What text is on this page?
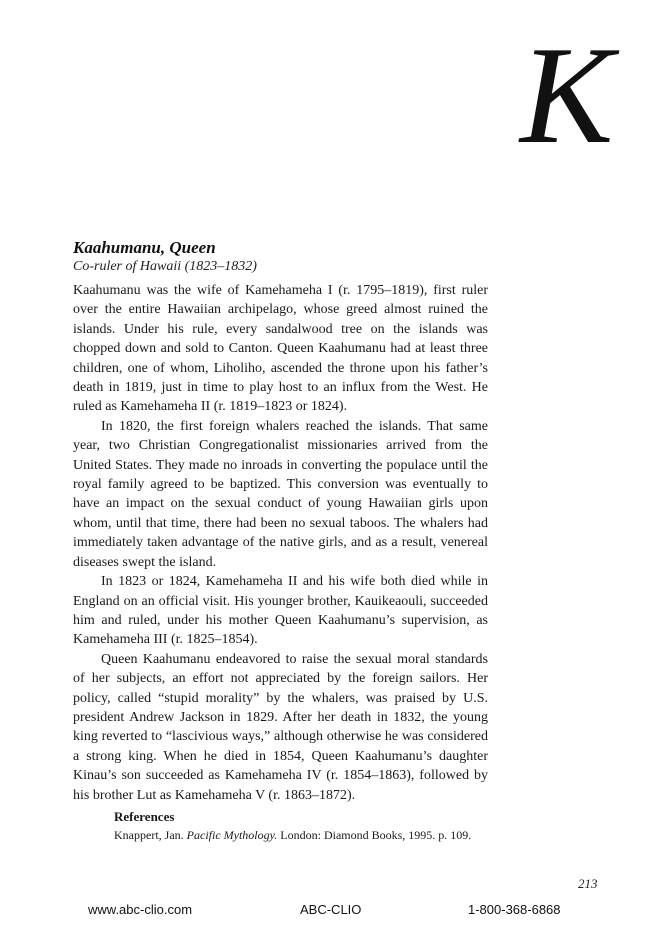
K
Kaahumanu, Queen
Co-ruler of Hawaii (1823–1832)

Kaahumanu was the wife of Kamehameha I (r. 1795–1819), first ruler over the entire Hawaiian archipelago, whose greed almost ruined the islands. Under his rule, every sandalwood tree on the islands was chopped down and sold to Canton. Queen Kaahumanu had at least three children, one of whom, Liholiho, ascended the throne upon his father’s death in 1819, just in time to play host to an influx from the West. He ruled as Kamehameha II (r. 1819–1823 or 1824).

In 1820, the first foreign whalers reached the islands. That same year, two Christian Congregationalist missionaries arrived from the United States. They made no inroads in converting the populace until the royal family agreed to be baptized. This conversion was eventually to have an impact on the sexual conduct of young Hawaiian girls upon whom, until that time, there had been no sexual taboos. The whalers had immediately taken advantage of the native girls, and as a result, venereal diseases swept the island.

In 1823 or 1824, Kamehameha II and his wife both died while in England on an official visit. His younger brother, Kauikeaouli, succeeded him and ruled, under his mother Queen Kaahumanu’s supervision, as Kamehameha III (r. 1825–1854).

Queen Kaahumanu endeavored to raise the sexual moral standards of her subjects, an effort not appreciated by the foreign sailors. Her policy, called “stupid morality” by the whalers, was praised by U.S. president Andrew Jackson in 1829. After her death in 1832, the young king reverted to “lascivious ways,” although otherwise he was considered a strong king. When he died in 1854, Queen Kaahumanu’s daughter Kinau’s son succeeded as Kamehameha IV (r. 1854–1863), followed by his brother Lut as Kamehameha V (r. 1863–1872).

References

Knappert, Jan. Pacific Mythology. London: Diamond Books, 1995. p. 109.

213
www.abc-clio.com	ABC-CLIO	1-800-368-6868
